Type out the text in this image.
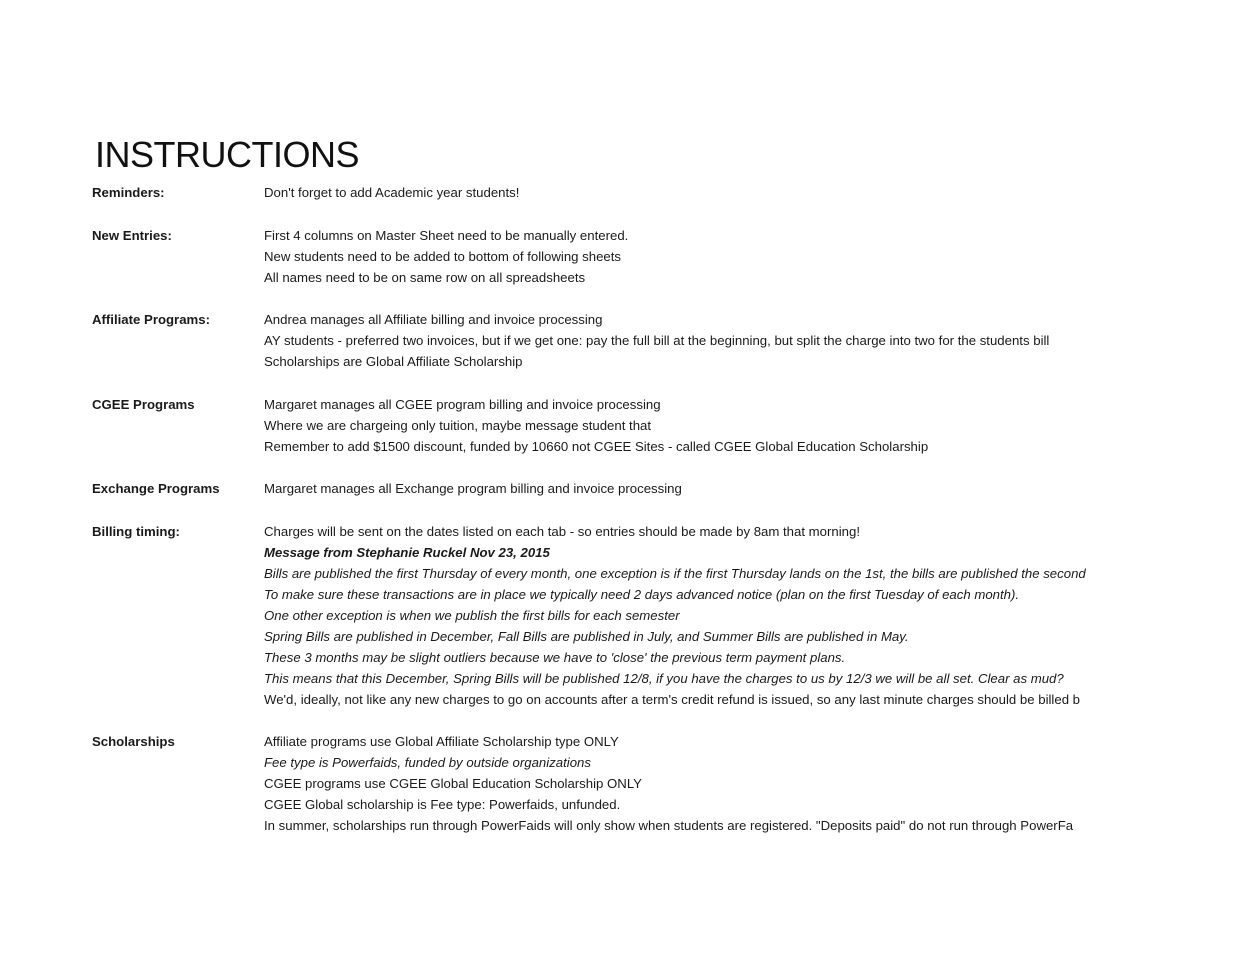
INSTRUCTIONS
Reminders:	Don't forget to add Academic year students!
New Entries:	First 4 columns on Master Sheet need to be manually entered.
New students need to be added to bottom of following sheets
All names need to be on same row on all spreadsheets
Affiliate Programs:	Andrea manages all Affiliate billing and invoice processing
AY students - preferred two invoices, but if we get one: pay the full bill at the beginning, but split the charge into two for the students bill
Scholarships are Global Affiliate Scholarship
CGEE Programs	Margaret manages all CGEE program billing and invoice processing
Where we are chargeing only tuition, maybe message student that
Remember to add $1500 discount, funded by 10660 not CGEE Sites - called CGEE Global Education Scholarship
Exchange Programs	Margaret manages all Exchange program billing and invoice processing
Billing timing:	Charges will be sent on the dates listed on each tab - so entries should be made by 8am that morning!
Message from Stephanie Ruckel Nov 23, 2015
Bills are published the first Thursday of every month, one exception is if the first Thursday lands on the 1st, the bills are published the second
To make sure these transactions are in place we typically need 2 days advanced notice (plan on the first Tuesday of each month).
One other exception is when we publish the first bills for each semester
Spring Bills are published in December, Fall Bills are published in July, and Summer Bills are published in May.
These 3 months may be slight outliers because we have to 'close' the previous term payment plans.
This means that this December, Spring Bills will be published 12/8, if you have the charges to us by 12/3 we will be all set. Clear as mud?
We'd, ideally, not like any new charges to go on accounts after a term's credit refund is issued, so any last minute charges should be billed b
Scholarships	Affiliate programs use Global Affiliate Scholarship type ONLY
Fee type is Powerfaids, funded by outside organizations
CGEE programs use CGEE Global Education Scholarship ONLY
CGEE Global scholarship is Fee type: Powerfaids, unfunded.
In summer, scholarships run through PowerFaids will only show when students are registered. "Deposits paid" do not run through PowerFa
